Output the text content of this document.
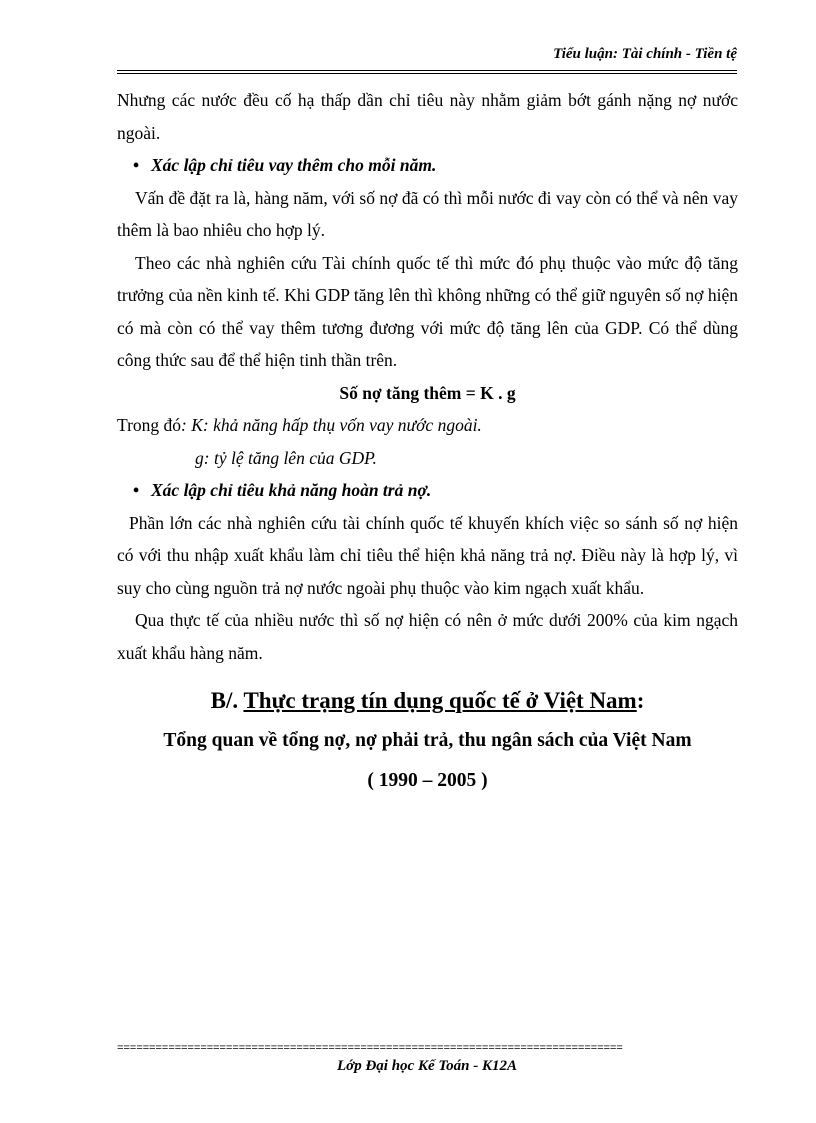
Tiểu luận: Tài chính - Tiền tệ

Nhưng các nước đều cố hạ thấp dần chỉ tiêu này nhằm giảm bớt gánh nặng nợ nước ngoài.

• Xác lập chỉ tiêu vay thêm cho mỗi năm.

Vấn đề đặt ra là, hàng năm, với số nợ đã có thì mỗi nước đi vay còn có thể và nên vay thêm là bao nhiêu cho hợp lý.

Theo các nhà nghiên cứu Tài chính quốc tế thì mức đó phụ thuộc vào mức độ tăng trưởng của nền kinh tế. Khi GDP tăng lên thì không những có thể giữ nguyên số nợ hiện có mà còn có thể vay thêm tương đương với mức độ tăng lên của GDP. Có thể dùng công thức sau để thể hiện tinh thần trên.

Số nợ tăng thêm = K . g

Trong đó: K: khả năng hấp thụ vốn vay nước ngoài.

g: tỷ lệ tăng lên của GDP.

• Xác lập chỉ tiêu khả năng hoàn trả nợ.

Phần lớn các nhà nghiên cứu tài chính quốc tế khuyến khích việc so sánh số nợ hiện có với thu nhập xuất khẩu làm chỉ tiêu thể hiện khả năng trả nợ. Điều này là hợp lý, vì suy cho cùng nguồn trả nợ nước ngoài phụ thuộc vào kim ngạch xuất khẩu.

Qua thực tế của nhiều nước thì số nợ hiện có nên ở mức dưới 200% của kim ngạch xuất khẩu hàng năm.

B/. Thực trạng tín dụng quốc tế ở Việt Nam:

Tổng quan về tổng nợ, nợ phải trả, thu ngân sách của Việt Nam

( 1990 – 2005 )

===============================================================================
Lớp Đại học Kế Toán - K12A
